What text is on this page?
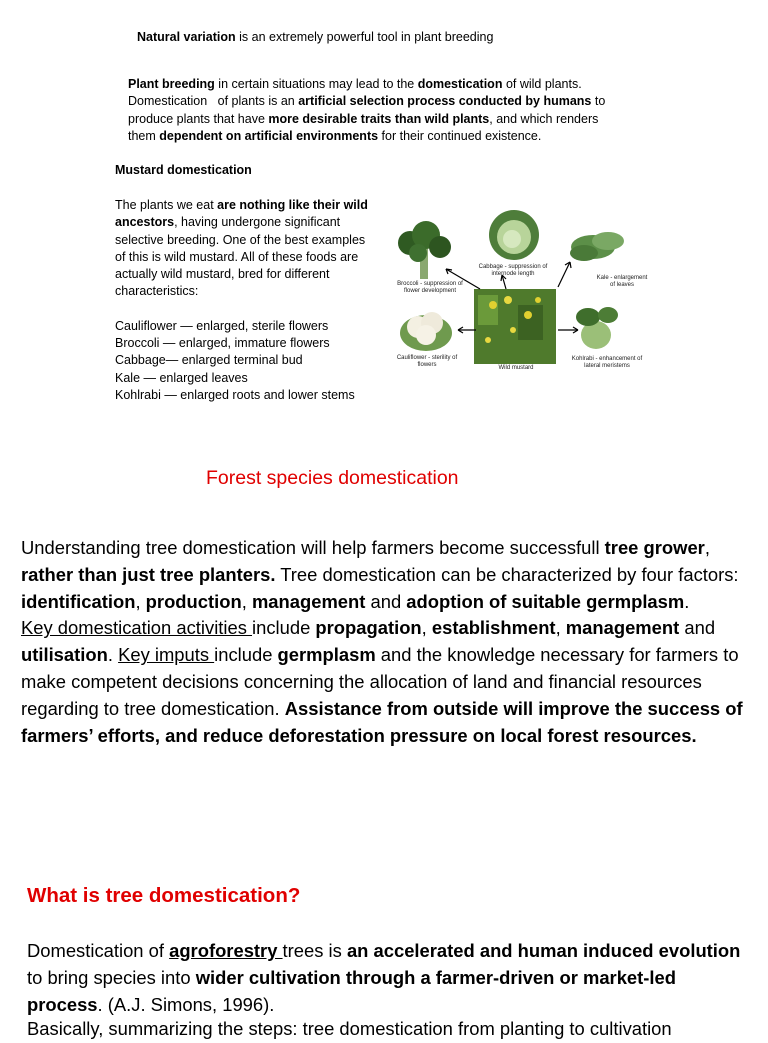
Natural variation is an extremely powerful tool in plant breeding
Plant breeding in certain situations may lead to the domestication of wild plants.
Domestication   of plants is an artificial selection process conducted by humans to
produce plants that have more desirable traits than wild plants, and which renders
them dependent on artificial environments for their continued existence.
Mustard domestication
The plants we eat are nothing like their wild
ancestors, having undergone significant
selective breeding. One of the best examples
of this is wild mustard. All of these foods are
actually wild mustard, bred for different
characteristics:
Cauliflower — enlarged, sterile flowers
Broccoli — enlarged, immature flowers
Cabbage— enlarged terminal bud
Kale — enlarged leaves
Kohlrabi — enlarged roots and lower stems
Broccoli - suppression of flower development
Cabbage - suppression of internode length
Kale - enlargement of leaves
Cauliflower - sterility of flowers	Wild mustard
Kohlrabi - enhancement of lateral meristems
Forest species domestication
Understanding tree domestication will help farmers become successfull tree grower, rather than just tree planters. Tree domestication can be characterized by four factors: identification, production, management and adoption of suitable germplasm.
Key domestication activities include propagation, establishment, management and utilisation. Key imputs include germplasm and the knowledge necessary for farmers to make competent decisions concerning the allocation of land and financial resources regarding to tree domestication. Assistance from outside will improve the success of farmers’ efforts, and reduce deforestation pressure on local forest resources.
What is tree domestication?
Domestication of agroforestry trees is an accelerated and human induced evolution to bring species into wider cultivation through a farmer-driven or market-led process. (A.J. Simons, 1996).
Basically, summarizing the steps: tree domestication from planting to cultivation
